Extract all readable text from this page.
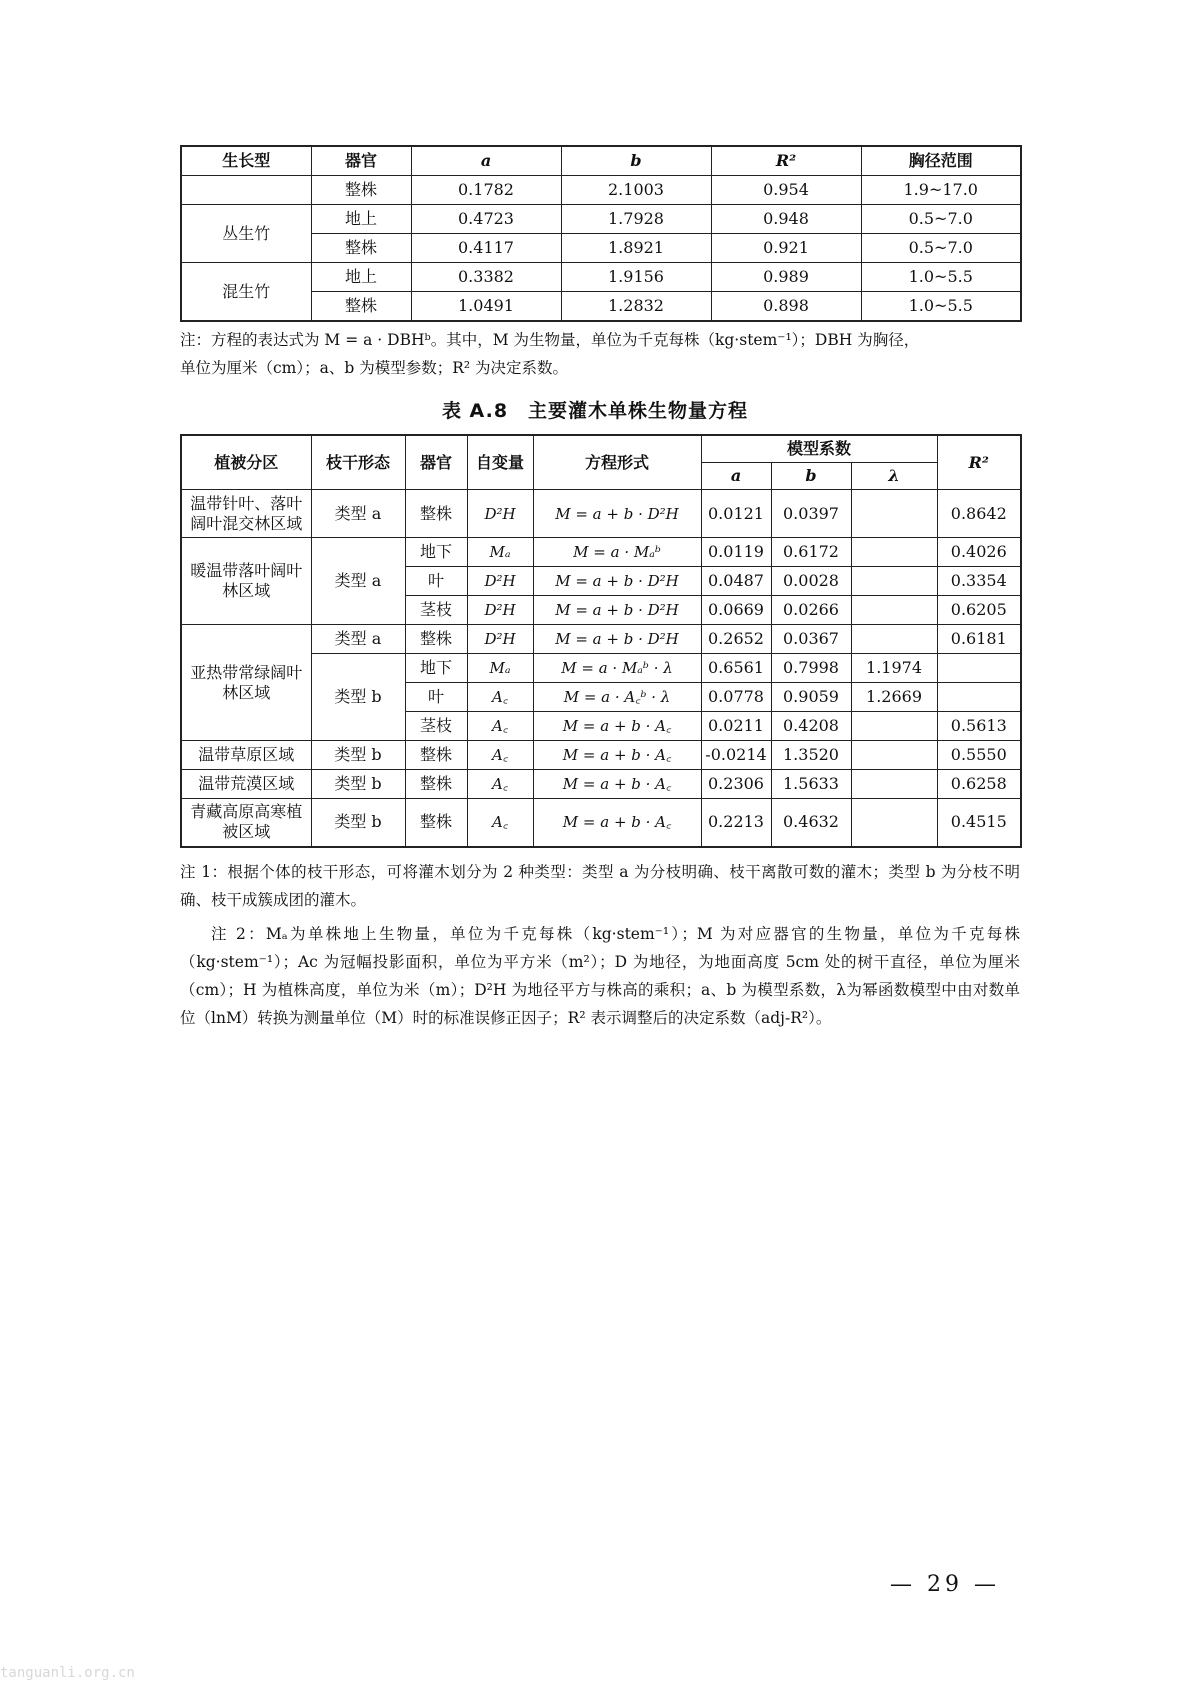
生长型	器官	a	b	R²	胸径范围
	整株	0.1782	2.1003	0.954	1.9~17.0
丛生竹	地上	0.4723	1.7928	0.948	0.5~7.0
	整株	0.4117	1.8921	0.921	0.5~7.0
混生竹	地上	0.3382	1.9156	0.989	1.0~5.5
	整株	1.0491	1.2832	0.898	1.0~5.5
注：方程的表达式为 M = a · DBHᵇ。其中，M 为生物量，单位为千克每株（kg·stem⁻¹）；DBH 为胸径，
单位为厘米（cm）；a、b 为模型参数；R² 为决定系数。
表 A.8　主要灌木单株生物量方程
植被分区	枝干形态	器官	自变量	方程形式	模型系数			R²
					a	b	λ	
温带针叶、落叶阔叶混交林区域	类型 a	整株	D²H	M = a + b · D²H	0.0121	0.0397		0.8642
暖温带落叶阔叶林区域	类型 a	地下	Mₐ	M = a · Mₐᵇ	0.0119	0.6172		0.4026
		叶	D²H	M = a + b · D²H	0.0487	0.0028		0.3354
		茎枝	D²H	M = a + b · D²H	0.0669	0.0266		0.6205
亚热带常绿阔叶林区域	类型 a	整株	D²H	M = a + b · D²H	0.2652	0.0367		0.6181
	类型 b	地下	Mₐ	M = a · Mₐᵇ · λ	0.6561	0.7998	1.1974	
		叶	A꜀	M = a · A꜀ᵇ · λ	0.0778	0.9059	1.2669	
		茎枝	A꜀	M = a + b · A꜀	0.0211	0.4208		0.5613
温带草原区域	类型 b	整株	A꜀	M = a + b · A꜀	-0.0214	1.3520		0.5550
温带荒漠区域	类型 b	整株	A꜀	M = a + b · A꜀	0.2306	1.5633		0.6258
青藏高原高寒植被区域	类型 b	整株	A꜀	M = a + b · A꜀	0.2213	0.4632		0.4515
注 1：根据个体的枝干形态，可将灌木划分为 2 种类型：类型 a 为分枝明确、枝干离散可数的灌木；类型 b 为分枝不明确、枝干成簇成团的灌木。
注 2：Mₐ为单株地上生物量，单位为千克每株（kg·stem⁻¹）；M 为对应器官的生物量，单位为千克每株（kg·stem⁻¹）；Ac 为冠幅投影面积，单位为平方米（m²）；D 为地径，为地面高度 5cm 处的树干直径，单位为厘米（cm）；H 为植株高度，单位为米（m）；D²H 为地径平方与株高的乘积；a、b 为模型系数，λ为幂函数模型中由对数单位（lnM）转换为测量单位（M）时的标准误修正因子；R² 表示调整后的决定系数（adj-R²）。
— 29 —
tanguanli.org.cn
